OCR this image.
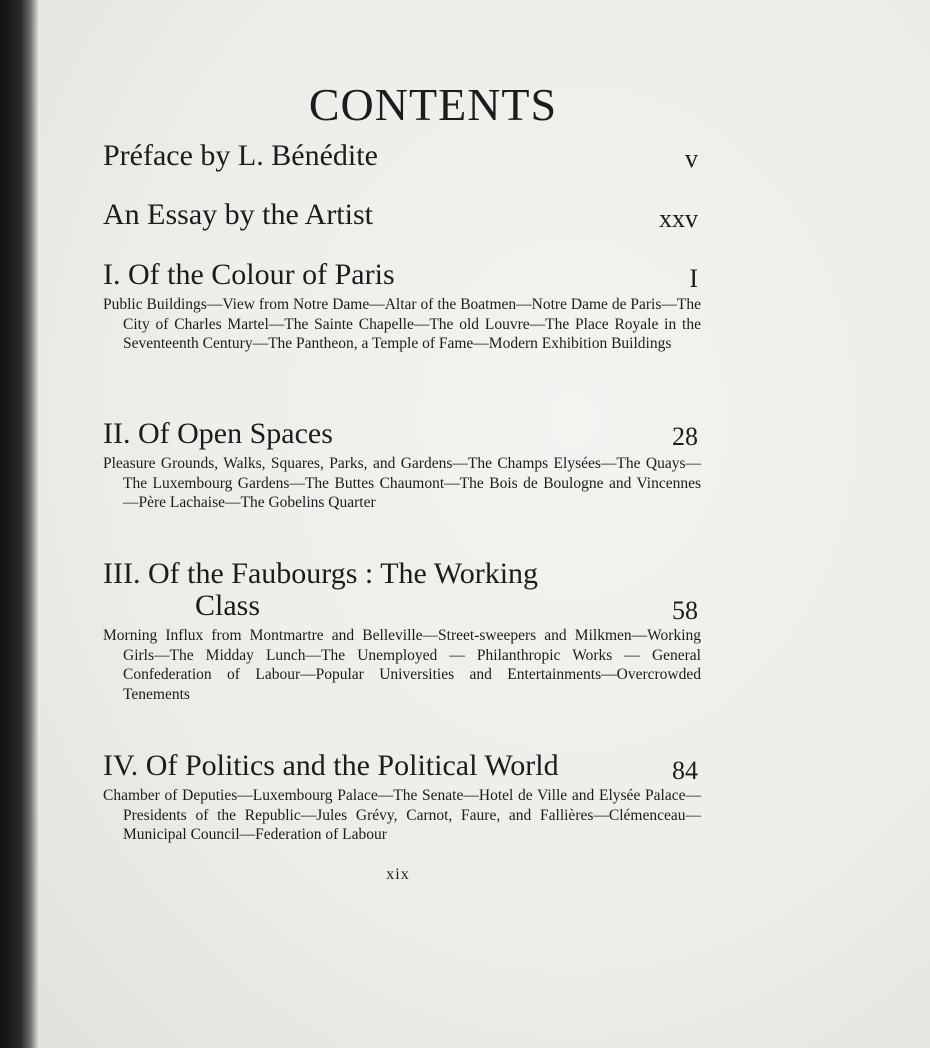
CONTENTS
Préface by L. Bénédite	v
An Essay by the Artist	xxv
I. Of the Colour of Paris

Public Buildings—View from Notre Dame—Altar of the Boatmen—Notre Dame de Paris—The City of Charles Martel—The Sainte Chapelle—The old Louvre—The Place Royale in the Seventeenth Century—The Pantheon, a Temple of Fame—Modern Exhibition Buildings

I
II. Of Open Spaces

Pleasure Grounds, Walks, Squares, Parks, and Gardens—The Champs Elysées—The Quays—The Luxembourg Gardens—The Buttes Chaumont—The Bois de Boulogne and Vincennes—Père Lachaise—The Gobelins Quarter

28
III. Of the Faubourgs : The Working
Class

Morning Influx from Montmartre and Belleville—Street-sweepers and Milkmen—Working Girls—The Midday Lunch—The Unemployed — Philanthropic Works — General Confederation of Labour—Popular Universities and Entertainments—Overcrowded Tenements

58
IV. Of Politics and the Political World

Chamber of Deputies—Luxembourg Palace—The Senate—Hotel de Ville and Elysée Palace—Presidents of the Republic—Jules Grévy, Carnot, Faure, and Fallières—Clémenceau—Municipal Council—Federation of Labour

84
xix
